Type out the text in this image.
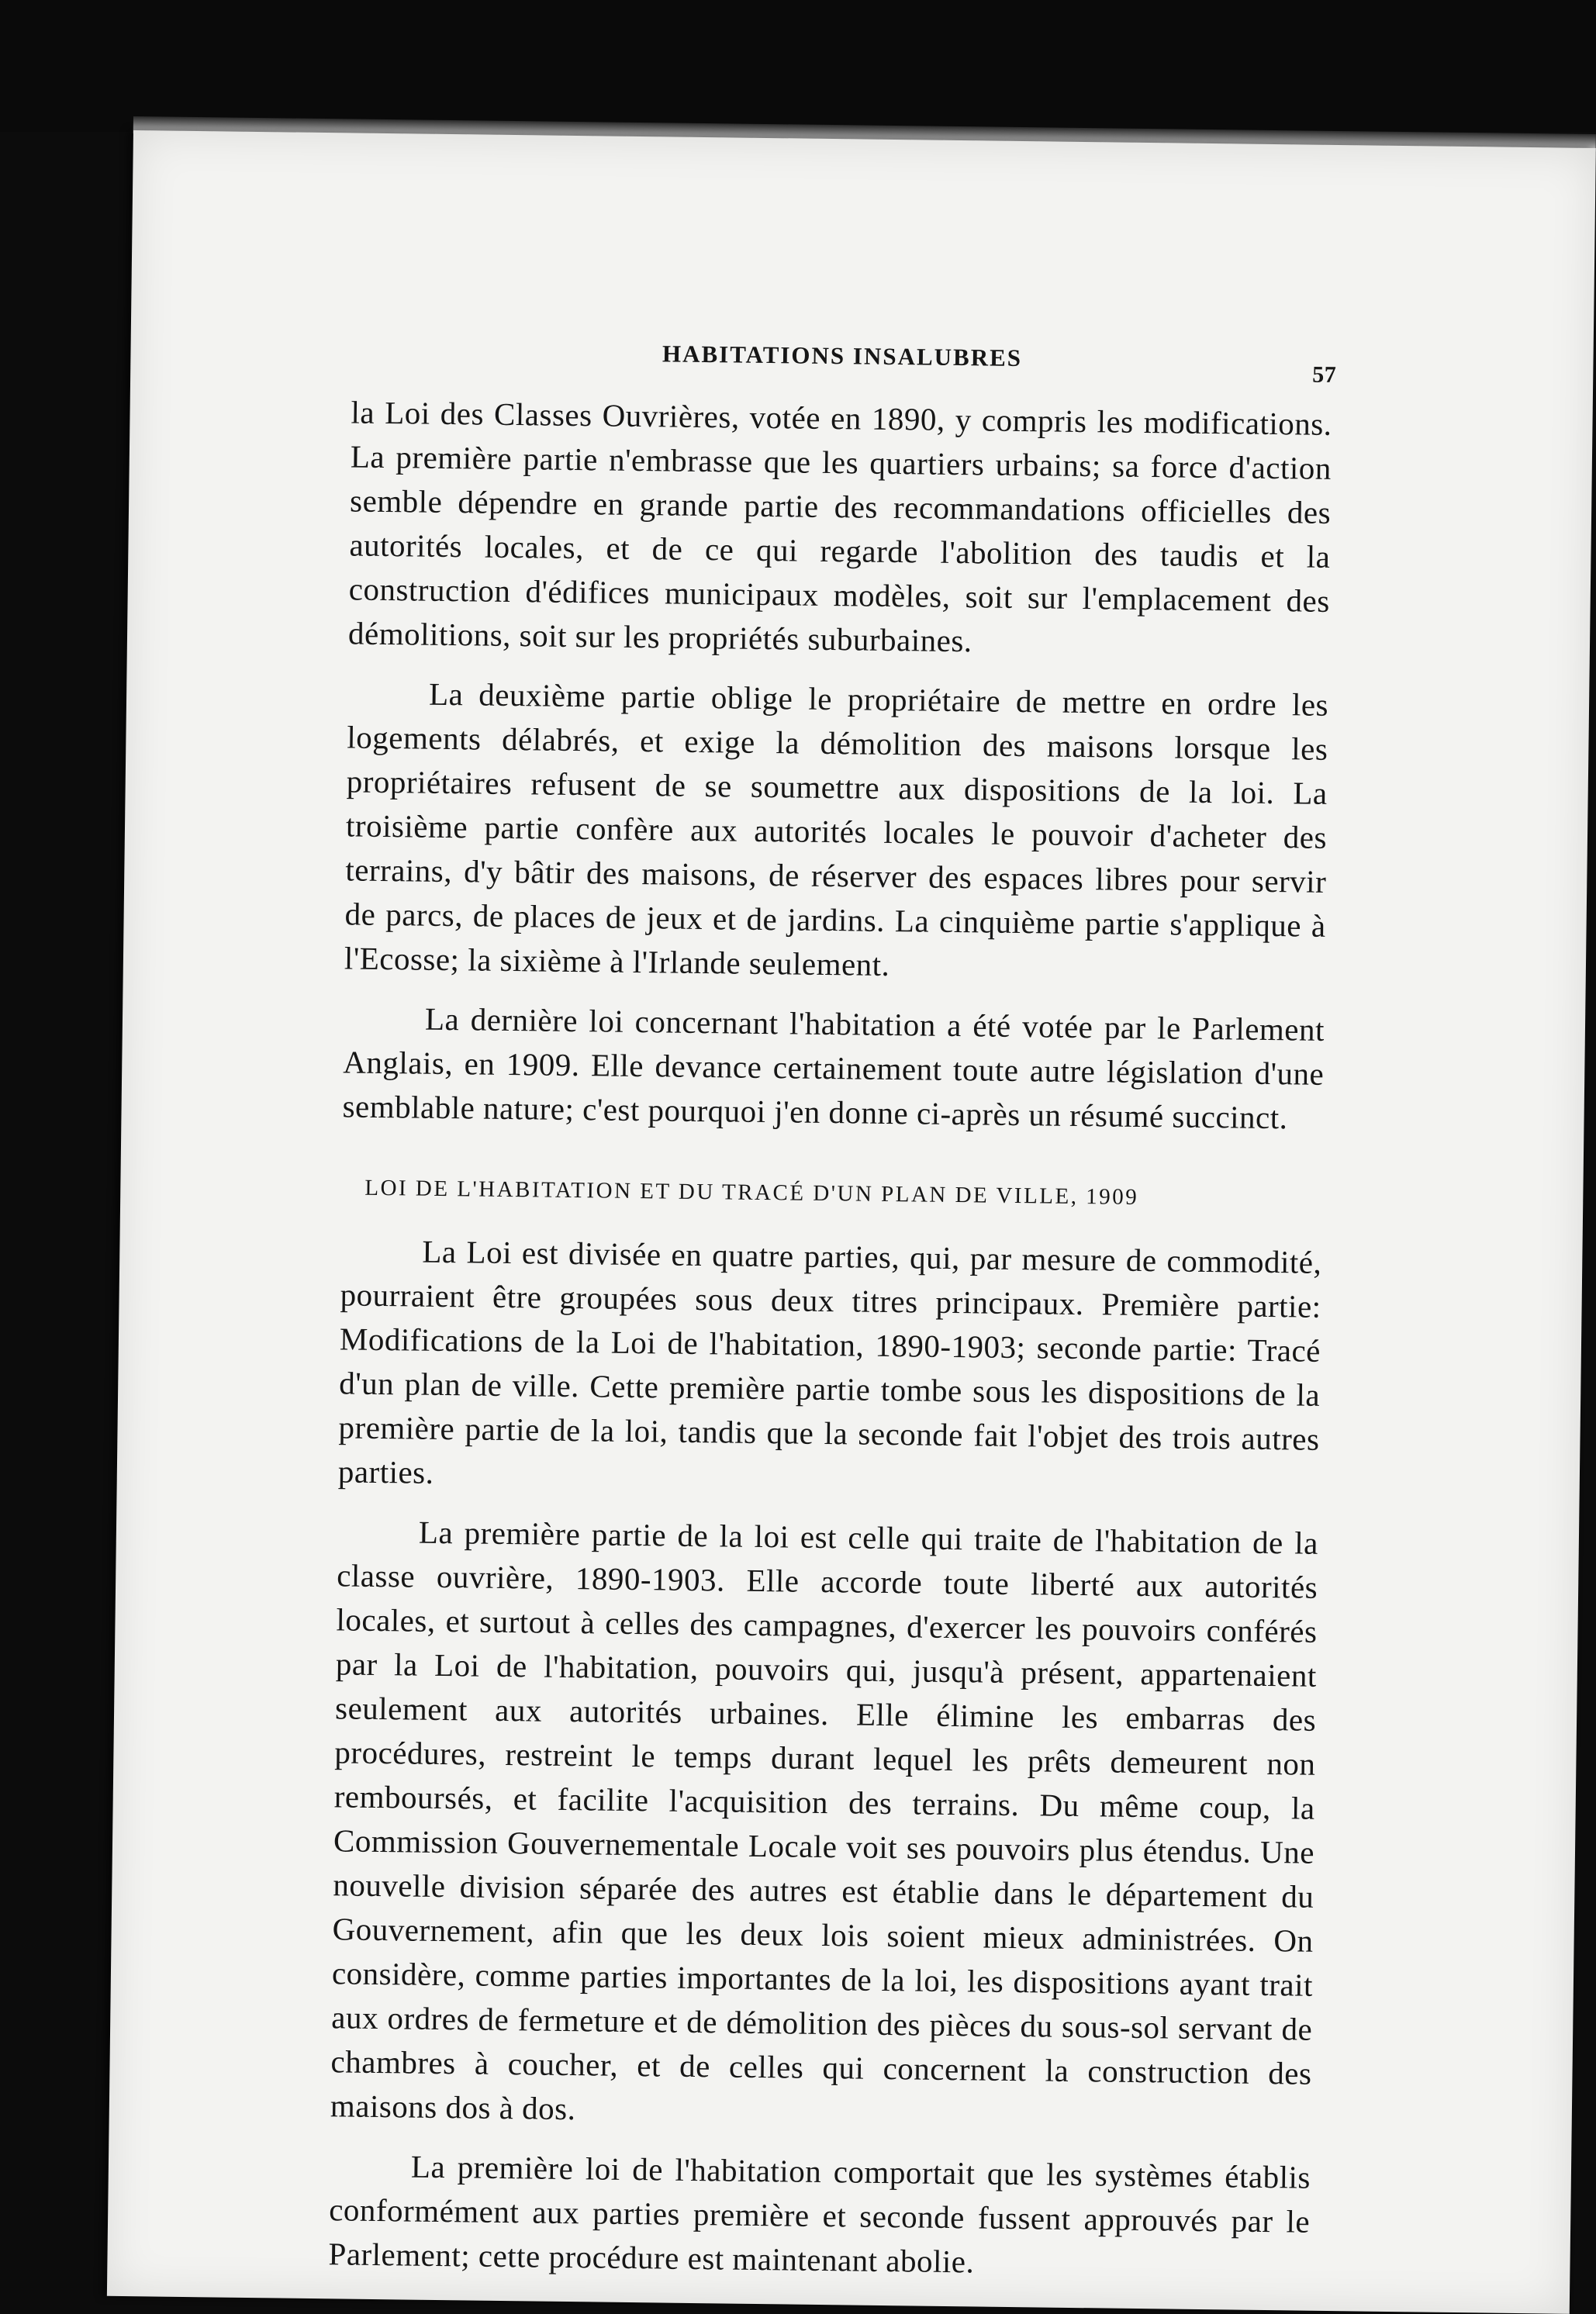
HABITATIONS INSALUBRES
57

la Loi des Classes Ouvrières, votée en 1890, y compris les modifications. La première partie n'embrasse que les quartiers urbains; sa force d'action semble dépendre en grande partie des recommandations officielles des autorités locales, et de ce qui regarde l'abolition des taudis et la construction d'édifices municipaux modèles, soit sur l'emplacement des démolitions, soit sur les propriétés suburbaines.

La deuxième partie oblige le propriétaire de mettre en ordre les logements délabrés, et exige la démolition des maisons lorsque les propriétaires refusent de se soumettre aux dispositions de la loi. La troisième partie confère aux autorités locales le pouvoir d'acheter des terrains, d'y bâtir des maisons, de réserver des espaces libres pour servir de parcs, de places de jeux et de jardins. La cinquième partie s'applique à l'Ecosse; la sixième à l'Irlande seulement.

La dernière loi concernant l'habitation a été votée par le Parlement Anglais, en 1909. Elle devance certainement toute autre législation d'une semblable nature; c'est pourquoi j'en donne ci-après un résumé succinct.

LOI DE L'HABITATION ET DU TRACÉ D'UN PLAN DE VILLE, 1909

La Loi est divisée en quatre parties, qui, par mesure de commodité, pourraient être groupées sous deux titres principaux. Première partie: Modifications de la Loi de l'habitation, 1890-1903; seconde partie: Tracé d'un plan de ville. Cette première partie tombe sous les dispositions de la première partie de la loi, tandis que la seconde fait l'objet des trois autres parties.

La première partie de la loi est celle qui traite de l'habitation de la classe ouvrière, 1890-1903. Elle accorde toute liberté aux autorités locales, et surtout à celles des campagnes, d'exercer les pouvoirs conférés par la Loi de l'habitation, pouvoirs qui, jusqu'à présent, appartenaient seulement aux autorités urbaines. Elle élimine les embarras des procédures, restreint le temps durant lequel les prêts demeurent non remboursés, et facilite l'acquisition des terrains. Du même coup, la Commission Gouvernementale Locale voit ses pouvoirs plus étendus. Une nouvelle division séparée des autres est établie dans le département du Gouvernement, afin que les deux lois soient mieux administrées. On considère, comme parties importantes de la loi, les dispositions ayant trait aux ordres de fermeture et de démolition des pièces du sous-sol servant de chambres à coucher, et de celles qui concernent la construction des maisons dos à dos.

La première loi de l'habitation comportait que les systèmes établis conformément aux parties première et seconde fussent approuvés par le Parlement; cette procédure est maintenant abolie.
